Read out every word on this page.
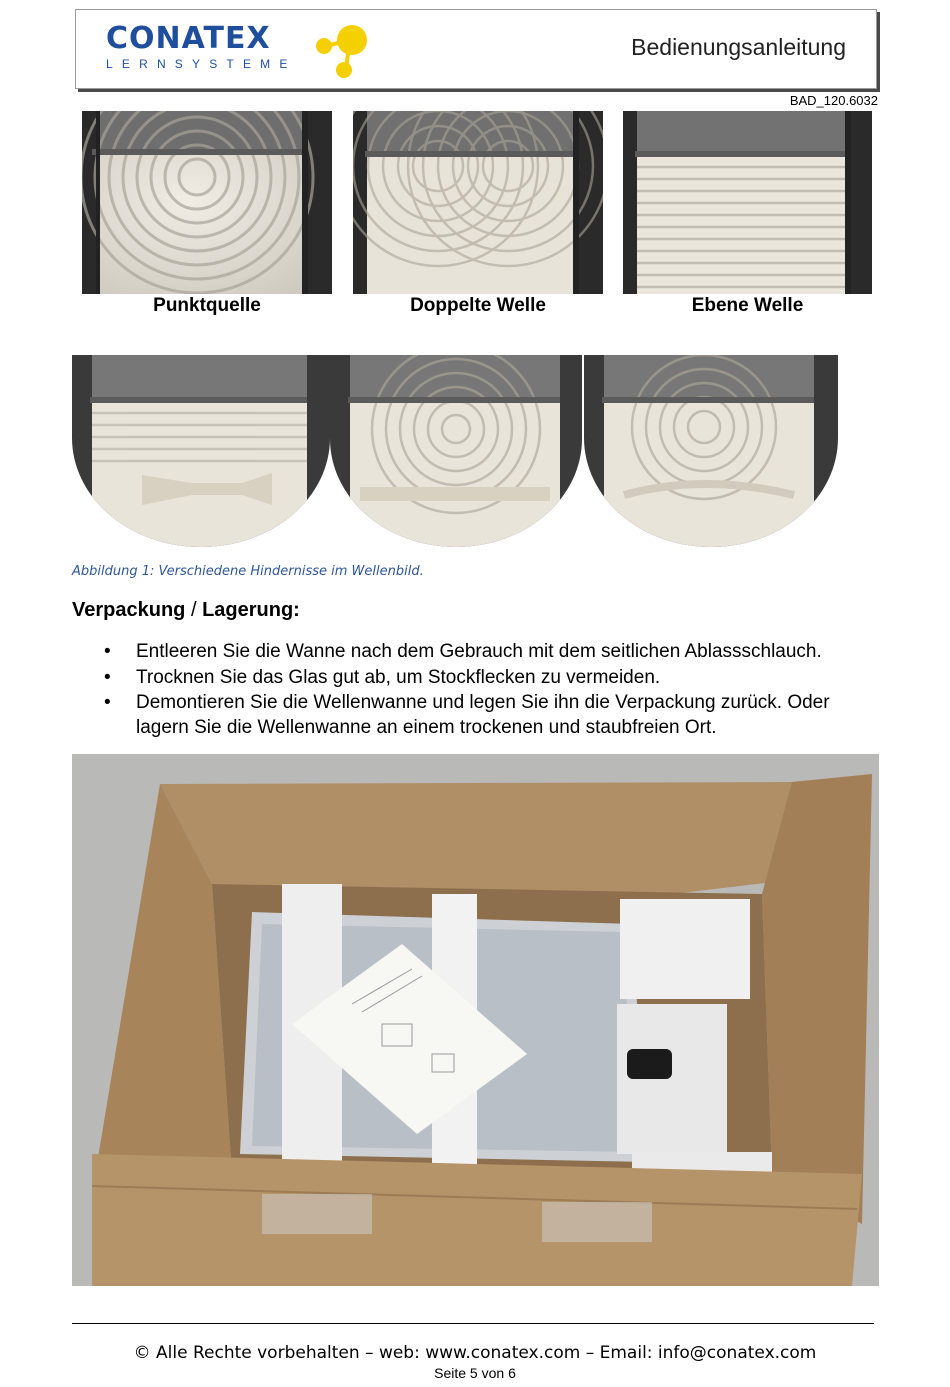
CONATEX
LERNSYSTEME
Bedienungsanleitung
BAD_120.6032
Punktquelle	Doppelte Welle	Ebene Welle
Abbildung 1: Verschiedene Hindernisse im Wellenbild.
Verpackung / Lagerung:
• Entleeren Sie die Wanne nach dem Gebrauch mit dem seitlichen Ablassschlauch.
• Trocknen Sie das Glas gut ab, um Stockflecken zu vermeiden.
• Demontieren Sie die Wellenwanne und legen Sie ihn die Verpackung zurück. Oder lagern Sie die Wellenwanne an einem trockenen und staubfreien Ort.
© Alle Rechte vorbehalten – web: www.conatex.com – Email: info@conatex.com
Seite 5 von 6
